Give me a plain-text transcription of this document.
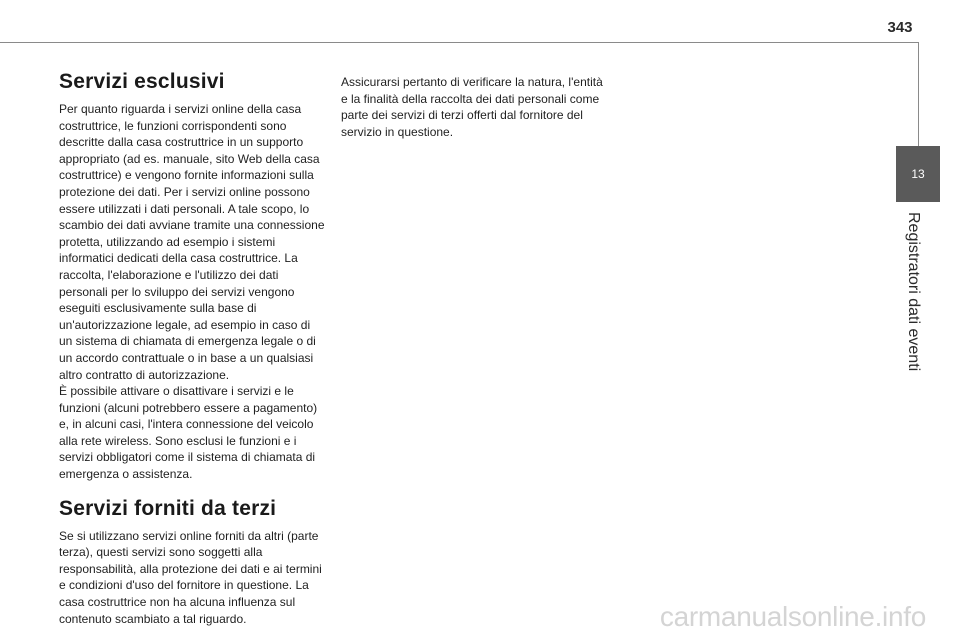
343
13
Registratori dati eventi
Servizi esclusivi

Per quanto riguarda i servizi online della casa costruttrice, le funzioni corrispondenti sono descritte dalla casa costruttrice in un supporto appropriato (ad es. manuale, sito Web della casa costruttrice) e vengono fornite informazioni sulla protezione dei dati. Per i servizi online possono essere utilizzati i dati personali. A tale scopo, lo scambio dei dati avviane tramite una connessione protetta, utilizzando ad esempio i sistemi informatici dedicati della casa costruttrice. La raccolta, l'elaborazione e l'utilizzo dei dati personali per lo sviluppo dei servizi vengono eseguiti esclusivamente sulla base di un'autorizzazione legale, ad esempio in caso di un sistema di chiamata di emergenza legale o di un accordo contrattuale o in base a un qualsiasi altro contratto di autorizzazione.

È possibile attivare o disattivare i servizi e le funzioni (alcuni potrebbero essere a pagamento) e, in alcuni casi, l'intera connessione del veicolo alla rete wireless. Sono esclusi le funzioni e i servizi obbligatori come il sistema di chiamata di emergenza o assistenza.

Servizi forniti da terzi

Se si utilizzano servizi online forniti da altri (parte terza), questi servizi sono soggetti alla responsabilità, alla protezione dei dati e ai termini e condizioni d'uso del fornitore in questione. La casa costruttrice non ha alcuna influenza sul contenuto scambiato a tal riguardo.

Assicurarsi pertanto di verificare la natura, l'entità e la finalità della raccolta dei dati personali come parte dei servizi di terzi offerti dal fornitore del servizio in questione.

carmanualsonline.info
